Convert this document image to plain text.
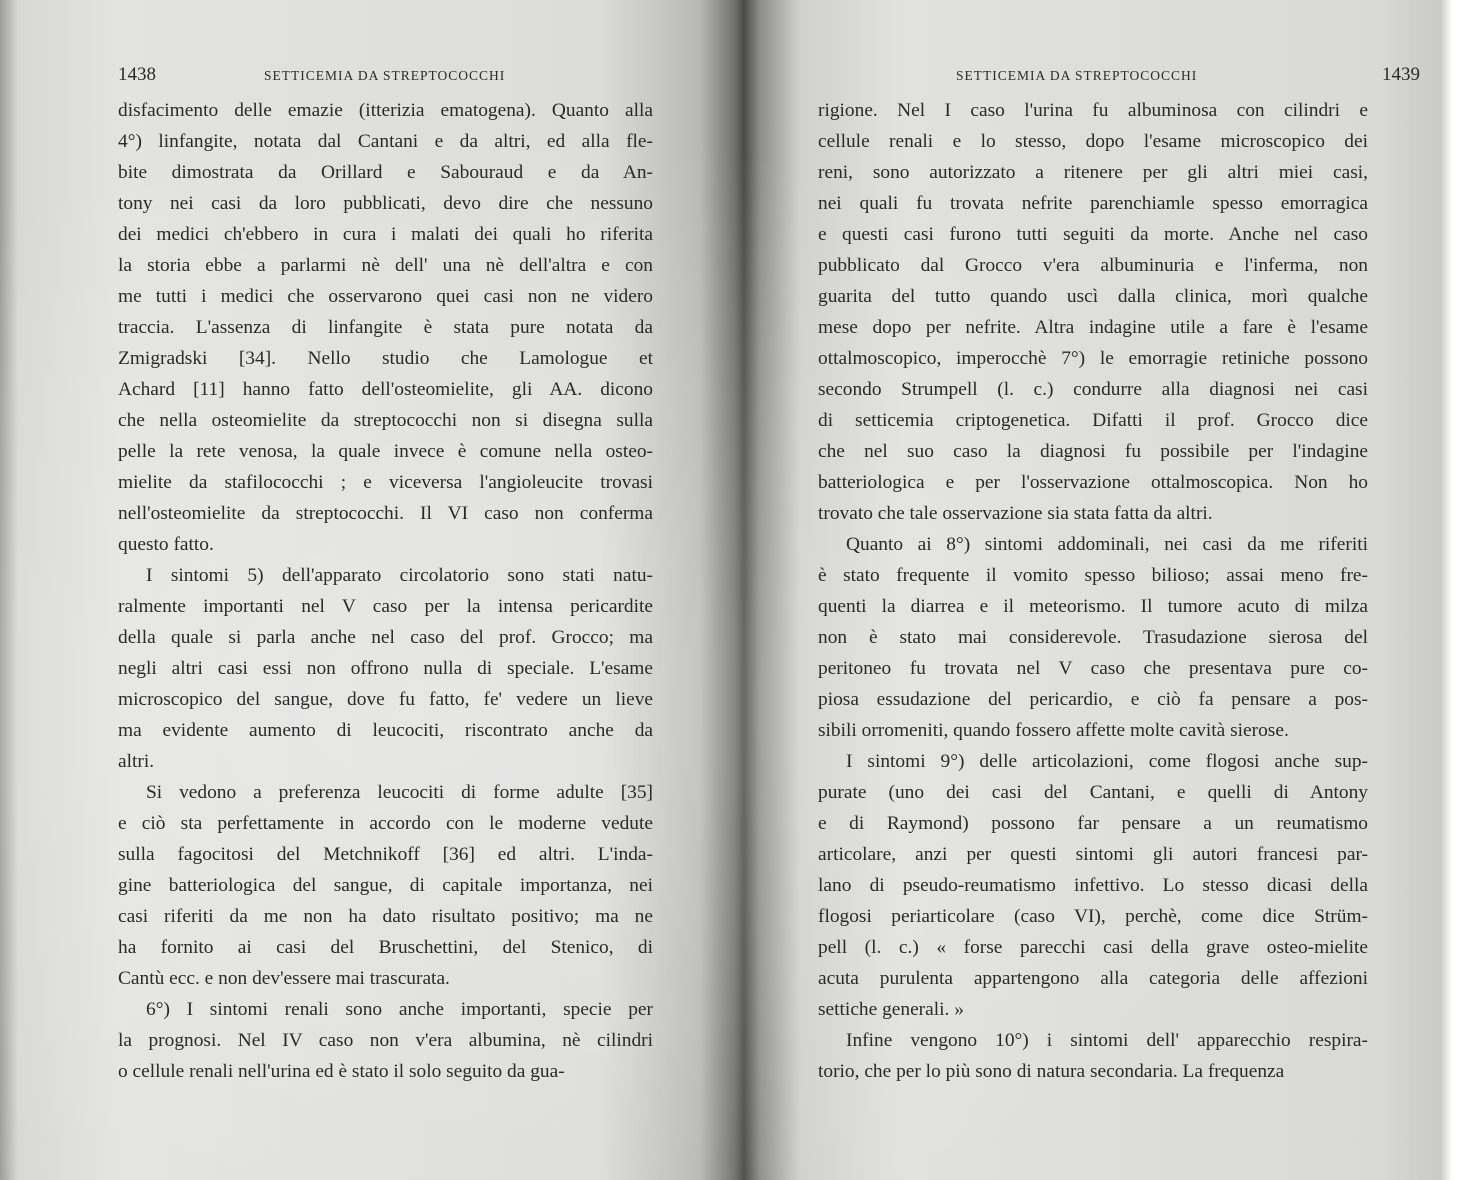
1438	SETTICEMIA DA STREPTOCOCCHI
disfacimento delle emazie (itterizia ematogena). Quanto alla
4°) linfangite, notata dal Cantani e da altri, ed alla fle-
bite dimostrata da Orillard e Sabouraud e da An-
tony nei casi da loro pubblicati, devo dire che nessuno
dei medici ch'ebbero in cura i malati dei quali ho riferita
la storia ebbe a parlarmi nè dell' una nè dell'altra e con
me tutti i medici che osservarono quei casi non ne videro
traccia. L'assenza di linfangite è stata pure notata da
Zmigradski [34]. Nello studio che Lamologue et
Achard [11] hanno fatto dell'osteomielite, gli AA. dicono
che nella osteomielite da streptococchi non si disegna sulla
pelle la rete venosa, la quale invece è comune nella osteo-
mielite da stafilococchi ; e viceversa l'angioleucite trovasi
nell'osteomielite da streptococchi. Il VI caso non conferma
questo fatto.
I sintomi 5) dell'apparato circolatorio sono stati natu-
ralmente importanti nel V caso per la intensa pericardite
della quale si parla anche nel caso del prof. Grocco; ma
negli altri casi essi non offrono nulla di speciale. L'esame
microscopico del sangue, dove fu fatto, fe' vedere un lieve
ma evidente aumento di leucociti, riscontrato anche da
altri.
Si vedono a preferenza leucociti di forme adulte [35]
e ciò sta perfettamente in accordo con le moderne vedute
sulla fagocitosi del Metchnikoff [36] ed altri. L'inda-
gine batteriologica del sangue, di capitale importanza, nei
casi riferiti da me non ha dato risultato positivo; ma ne
ha fornito ai casi del Bruschettini, del Stenico, di
Cantù ecc. e non dev'essere mai trascurata.
6°) I sintomi renali sono anche importanti, specie per
la prognosi. Nel IV caso non v'era albumina, nè cilindri
o cellule renali nell'urina ed è stato il solo seguito da gua-
SETTICEMIA DA STREPTOCOCCHI	1439
rigione. Nel I caso l'urina fu albuminosa con cilindri e
cellule renali e lo stesso, dopo l'esame microscopico dei
reni, sono autorizzato a ritenere per gli altri miei casi,
nei quali fu trovata nefrite parenchiamle spesso emorragica
e questi casi furono tutti seguiti da morte. Anche nel caso
pubblicato dal Grocco v'era albuminuria e l'inferma, non
guarita del tutto quando uscì dalla clinica, morì qualche
mese dopo per nefrite. Altra indagine utile a fare è l'esame
ottalmoscopico, imperocchè 7°) le emorragie retiniche possono
secondo Strumpell (l. c.) condurre alla diagnosi nei casi
di setticemia criptogenetica. Difatti il prof. Grocco dice
che nel suo caso la diagnosi fu possibile per l'indagine
batteriologica e per l'osservazione ottalmoscopica. Non ho
trovato che tale osservazione sia stata fatta da altri.
Quanto ai 8°) sintomi addominali, nei casi da me riferiti
è stato frequente il vomito spesso bilioso; assai meno fre-
quenti la diarrea e il meteorismo. Il tumore acuto di milza
non è stato mai considerevole. Trasudazione sierosa del
peritoneo fu trovata nel V caso che presentava pure co-
piosa essudazione del pericardio, e ciò fa pensare a pos-
sibili orromeniti, quando fossero affette molte cavità sierose.
I sintomi 9°) delle articolazioni, come flogosi anche sup-
purate (uno dei casi del Cantani, e quelli di Antony
e di Raymond) possono far pensare a un reumatismo
articolare, anzi per questi sintomi gli autori francesi par-
lano di pseudo-reumatismo infettivo. Lo stesso dicasi della
flogosi periarticolare (caso VI), perchè, come dice Strüm-
pell (l. c.) « forse parecchi casi della grave osteo-mielite
acuta purulenta appartengono alla categoria delle affezioni
settiche generali. »
Infine vengono 10°) i sintomi dell' apparecchio respira-
torio, che per lo più sono di natura secondaria. La frequenza
